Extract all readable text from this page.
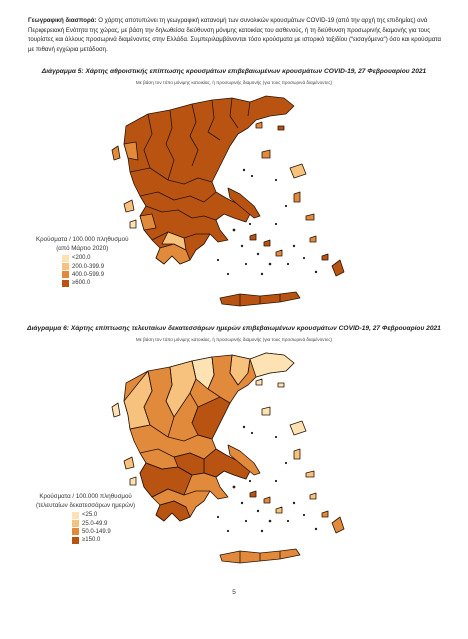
Γεωγραφική διασπορά: Ο χάρτης αποτυπώνει τη γεωγραφική κατανομή των συνολικών κρουσμάτων COVID-19 (από την αρχή της επιδημίας) ανά Περιφερειακή Ενότητα της χώρας, με βάση την δηλωθείσα διεύθυνση μόνιμης κατοικίας του ασθενούς, ή τη διεύθυνση προσωρινής διαμονής για τους τουρίστες και άλλους προσωρινά διαμένοντες στην Ελλάδα. Συμπεριλαμβάνονται τόσο κρούσματα με ιστορικό ταξιδίου (“εισαγόμενα”) όσο και κρούσματα με πιθανή εγχώρια μετάδοση.
Διάγραμμα 5: Χάρτης αθροιστικής επίπτωσης κρουσμάτων επιβεβαιωμένων κρουσμάτων COVID-19, 27 Φεβρουαρίου 2021
Με βάση τον τόπο μόνιμης κατοικίας, ή προσωρινής διαμονής (για τους προσωρινά διαμένοντες)
Κρούσματα / 100.000 πληθυσμού
(από Μάρτιο 2020)
<200.0
200.0-399.9
400.0-599.9
≥600.0
Διάγραμμα 6: Χάρτης επίπτωσης τελευταίων δεκατεσσάρων ημερών επιβεβαιωμένων κρουσμάτων COVID-19, 27 Φεβρουαρίου 2021
Με βάση τον τόπο μόνιμης κατοικίας, ή προσωρινής διαμονής (για τους προσωρινά διαμένοντες)
Κρούσματα / 100.000 πληθυσμού
(τελευταίων δεκατεσσάρων ημερών)
<25.0
25.0-49.9
50.0-149.9
≥150.0
5
